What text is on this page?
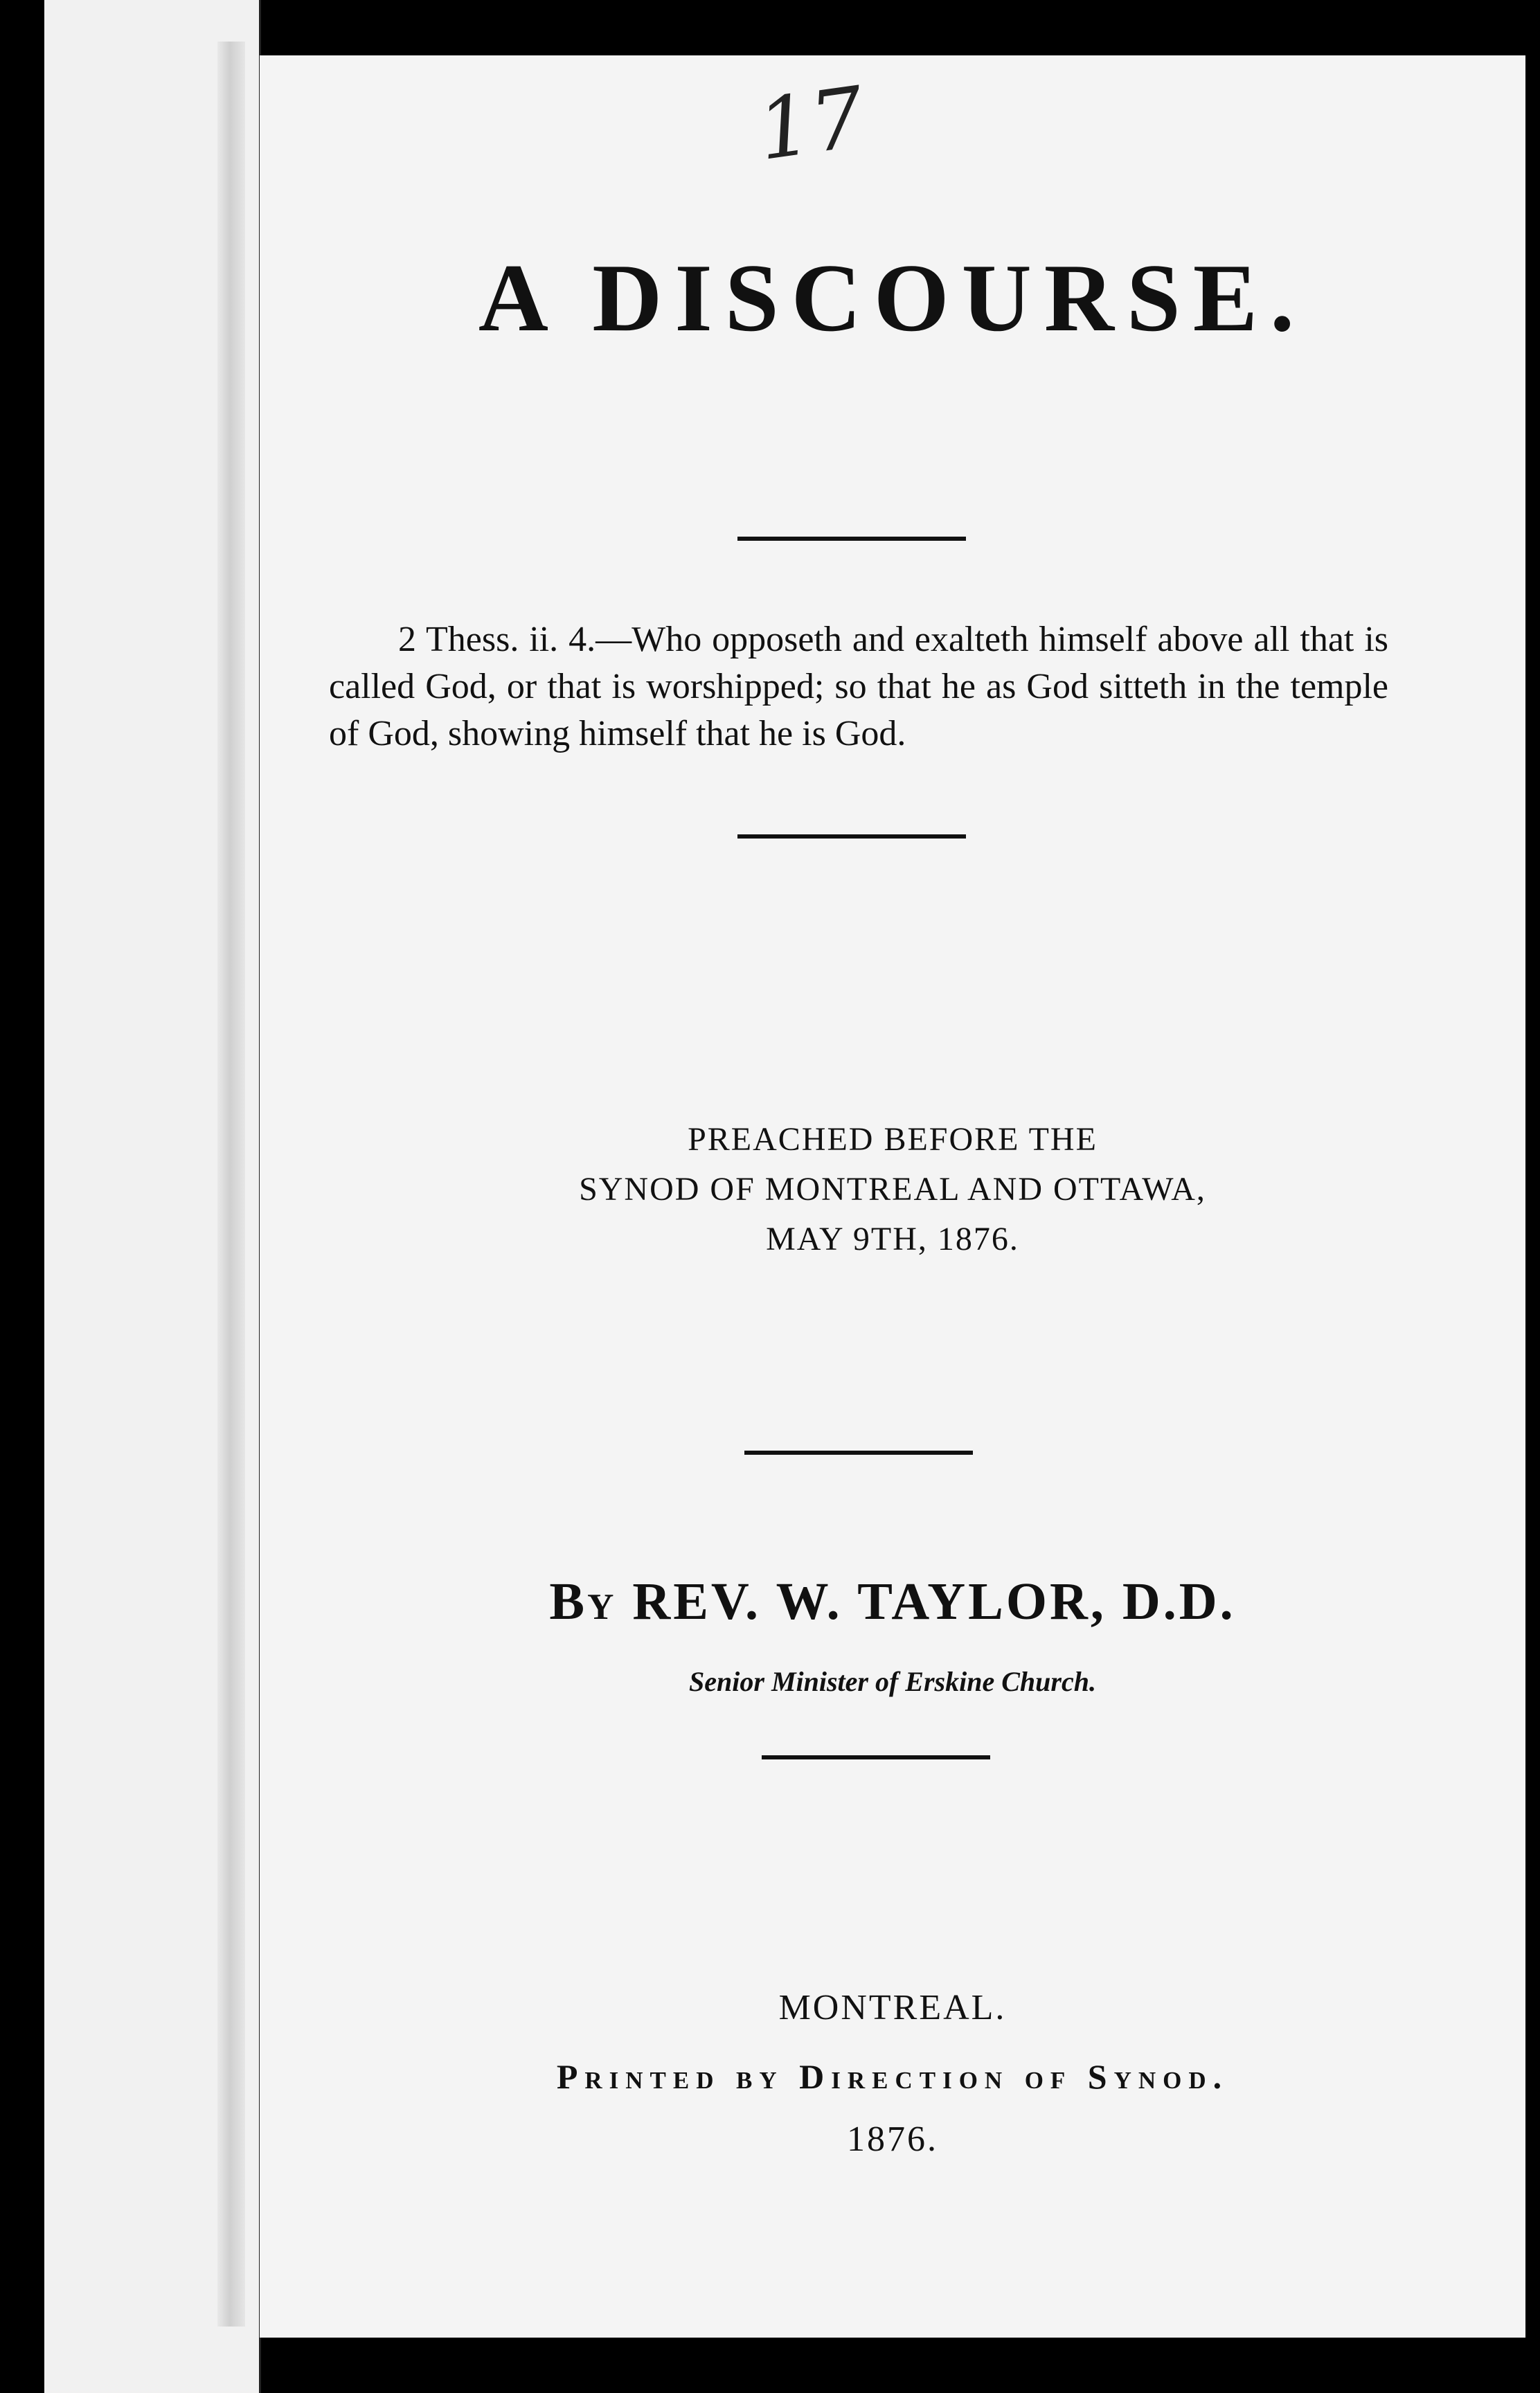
17
A DISCOURSE.
2 Thess. ii. 4.—Who opposeth and exalteth himself above all that is called God, or that is worshipped; so that he as God sitteth in the temple of God, showing himself that he is God.
PREACHED BEFORE THE
SYNOD OF MONTREAL AND OTTAWA,
MAY 9TH, 1876.
By REV. W. TAYLOR, D.D.
Senior Minister of Erskine Church.
MONTREAL.
Printed by Direction of Synod.
1876.
